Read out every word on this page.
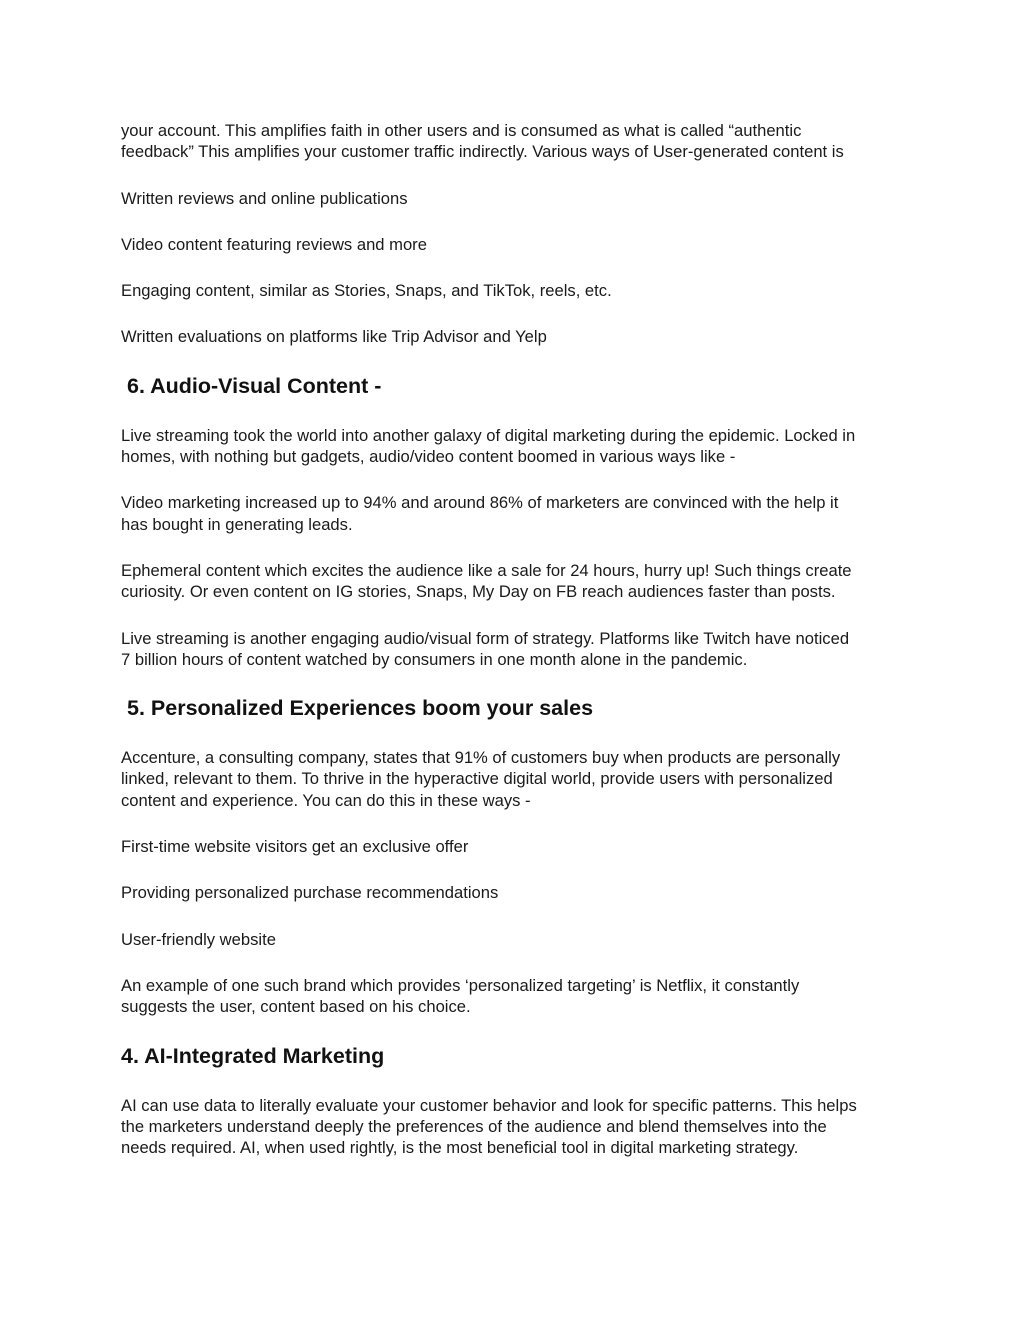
your account. This amplifies faith in other users and is consumed as what is called “authentic
feedback” This amplifies your customer traffic indirectly. Various ways of User-generated content is

Written reviews and online publications

Video content featuring reviews and more

Engaging content, similar as Stories, Snaps, and TikTok, reels, etc.

Written evaluations on platforms like Trip Advisor and Yelp

6. Audio-Visual Content -

Live streaming took the world into another galaxy of digital marketing during the epidemic. Locked in
homes, with nothing but gadgets, audio/video content boomed in various ways like -

Video marketing increased up to 94% and around 86% of marketers are convinced with the help it
has bought in generating leads.

Ephemeral content which excites the audience like a sale for 24 hours, hurry up! Such things create
curiosity. Or even content on IG stories, Snaps, My Day on FB reach audiences faster than posts.

Live streaming is another engaging audio/visual form of strategy. Platforms like Twitch have noticed
7 billion hours of content watched by consumers in one month alone in the pandemic.

5. Personalized Experiences boom your sales

Accenture, a consulting company, states that 91% of customers buy when products are personally
linked, relevant to them. To thrive in the hyperactive digital world, provide users with personalized
content and experience. You can do this in these ways -

First-time website visitors get an exclusive offer

Providing personalized purchase recommendations

User-friendly website

An example of one such brand which provides ‘personalized targeting’ is Netflix, it constantly
suggests the user, content based on his choice.

4. AI-Integrated Marketing

AI can use data to literally evaluate your customer behavior and look for specific patterns. This helps
the marketers understand deeply the preferences of the audience and blend themselves into the
needs required. AI, when used rightly, is the most beneficial tool in digital marketing strategy.
